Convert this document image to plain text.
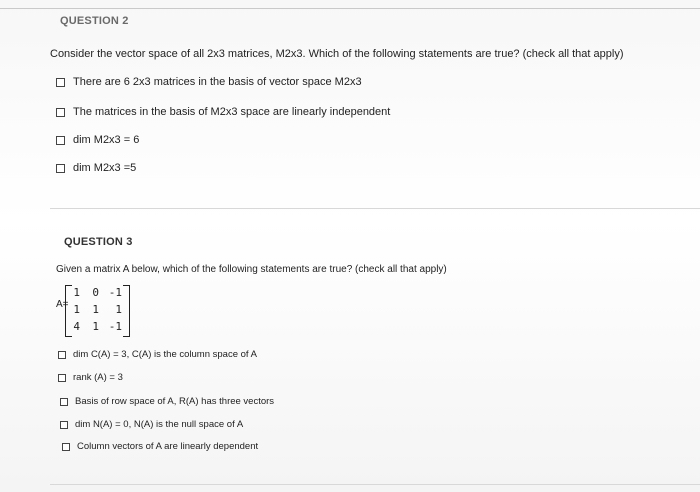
QUESTION 2
Consider the vector space of all 2x3 matrices, M2x3. Which of the following statements are true? (check all that apply)
There are 6 2x3 matrices in the basis of vector space M2x3
The matrices in the basis of M2x3 space are linearly independent
dim M2x3 = 6
dim M2x3 =5
QUESTION 3
Given a matrix A below, which of the following statements are true? (check all that apply)
A=
1	0 -1
1	1	1
4	1 -1
dim C(A) = 3, C(A) is the column space of A
rank (A) = 3
Basis of row space of A, R(A) has three vectors
dim N(A) = 0, N(A) is the null space of A
Column vectors of A are linearly dependent
